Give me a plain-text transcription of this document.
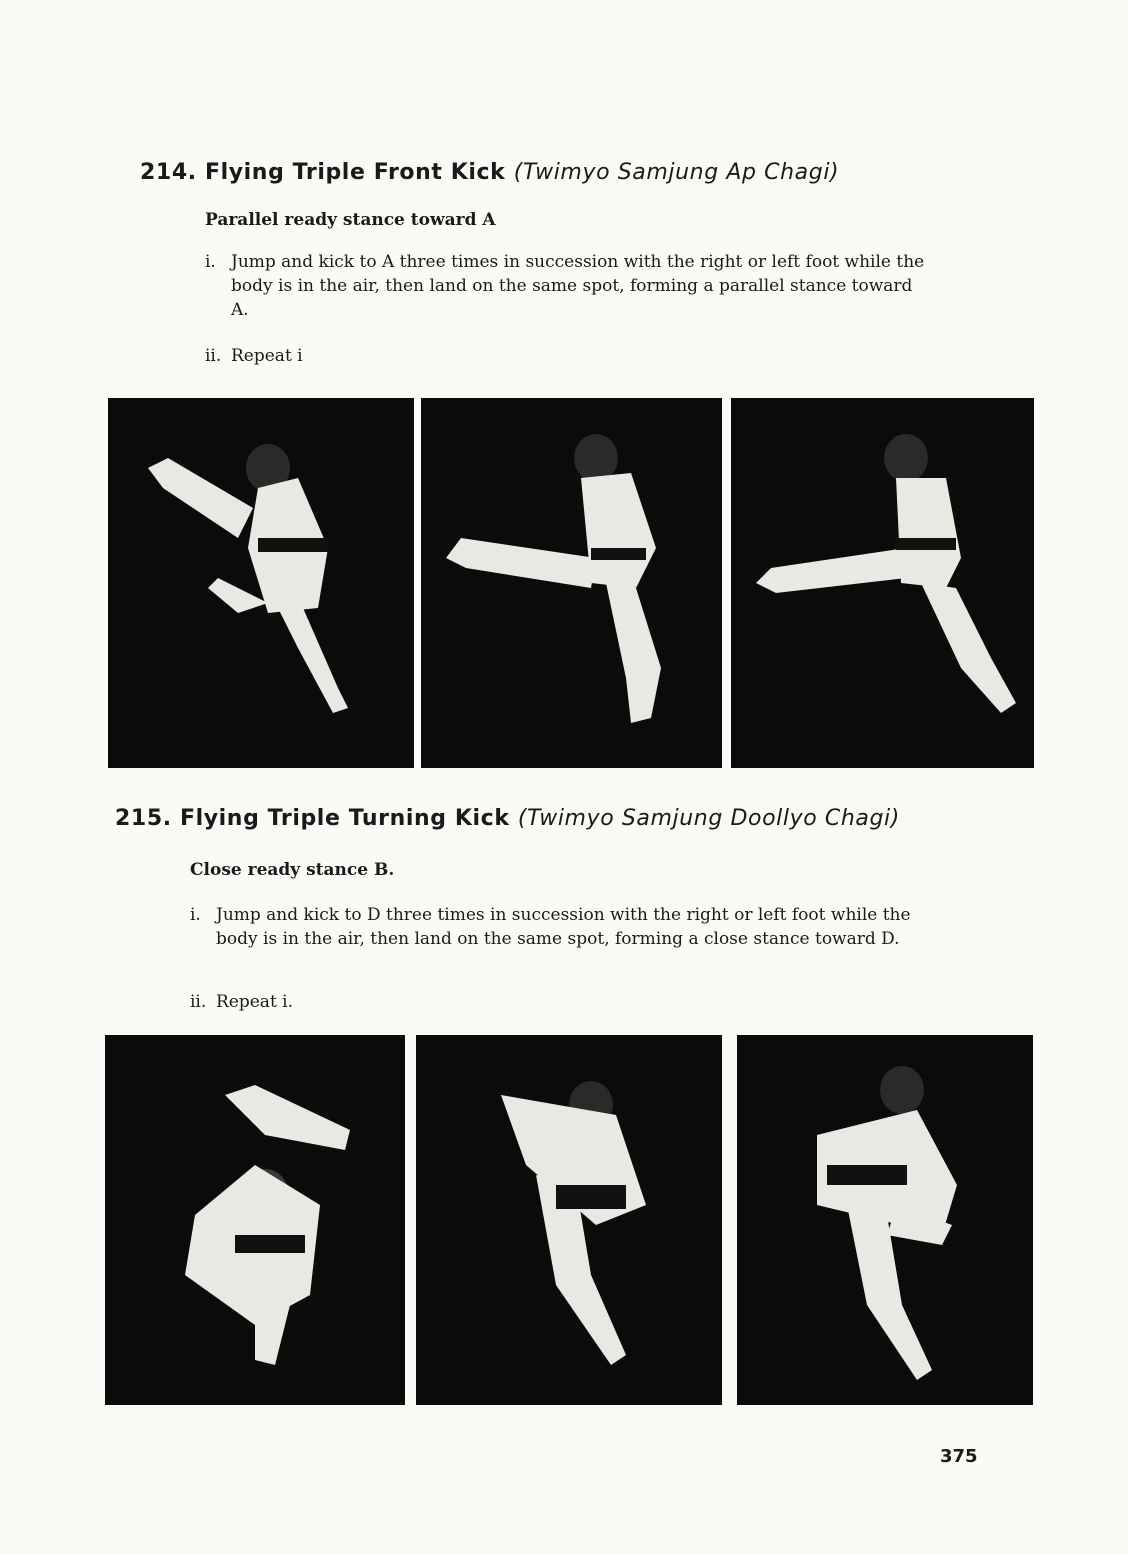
214. Flying Triple Front Kick (Twimyo Samjung Ap Chagi)

Parallel ready stance toward A

i. Jump and kick to A three times in succession with the right or left foot while the body is in the air, then land on the same spot, forming a parallel stance toward A.
ii. Repeat i
215. Flying Triple Turning Kick (Twimyo Samjung Doollyo Chagi)

Close ready stance B.

i. Jump and kick to D three times in succession with the right or left foot while the body is in the air, then land on the same spot, forming a close stance toward D.
ii. Repeat i.

375
